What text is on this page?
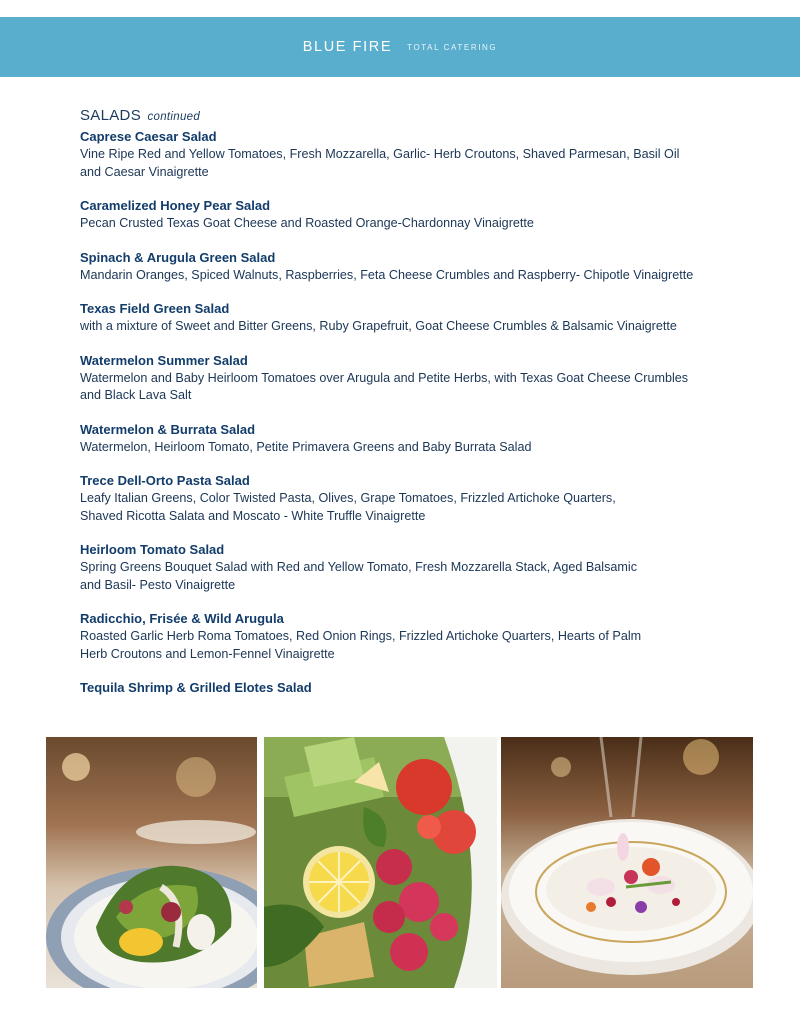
BLUE FIRE TOTAL CATERING
SALADS continued
Caprese Caesar Salad
Vine Ripe Red and Yellow Tomatoes, Fresh Mozzarella, Garlic- Herb Croutons, Shaved Parmesan, Basil Oil
and Caesar Vinaigrette
Caramelized Honey Pear Salad
Pecan Crusted Texas Goat Cheese and Roasted Orange-Chardonnay Vinaigrette
Spinach & Arugula Green Salad
Mandarin Oranges, Spiced Walnuts, Raspberries, Feta Cheese Crumbles and Raspberry- Chipotle Vinaigrette
Texas Field Green Salad
with a mixture of Sweet and Bitter Greens, Ruby Grapefruit, Goat Cheese Crumbles & Balsamic Vinaigrette
Watermelon Summer Salad
Watermelon and Baby Heirloom Tomatoes over Arugula and Petite Herbs, with Texas Goat Cheese Crumbles
and Black Lava Salt
Watermelon & Burrata Salad
Watermelon, Heirloom Tomato, Petite Primavera Greens and Baby Burrata Salad
Trece Dell-Orto Pasta Salad
Leafy Italian Greens, Color Twisted Pasta, Olives, Grape Tomatoes, Frizzled Artichoke Quarters,
Shaved Ricotta Salata and Moscato - White Truffle Vinaigrette
Heirloom Tomato Salad
Spring Greens Bouquet Salad with Red and Yellow Tomato, Fresh Mozzarella Stack, Aged Balsamic
and Basil- Pesto Vinaigrette
Radicchio, Frisée & Wild Arugula
Roasted Garlic Herb Roma Tomatoes, Red Onion Rings, Frizzled Artichoke Quarters, Hearts of Palm
Herb Croutons and Lemon-Fennel Vinaigrette
Tequila Shrimp & Grilled Elotes Salad
